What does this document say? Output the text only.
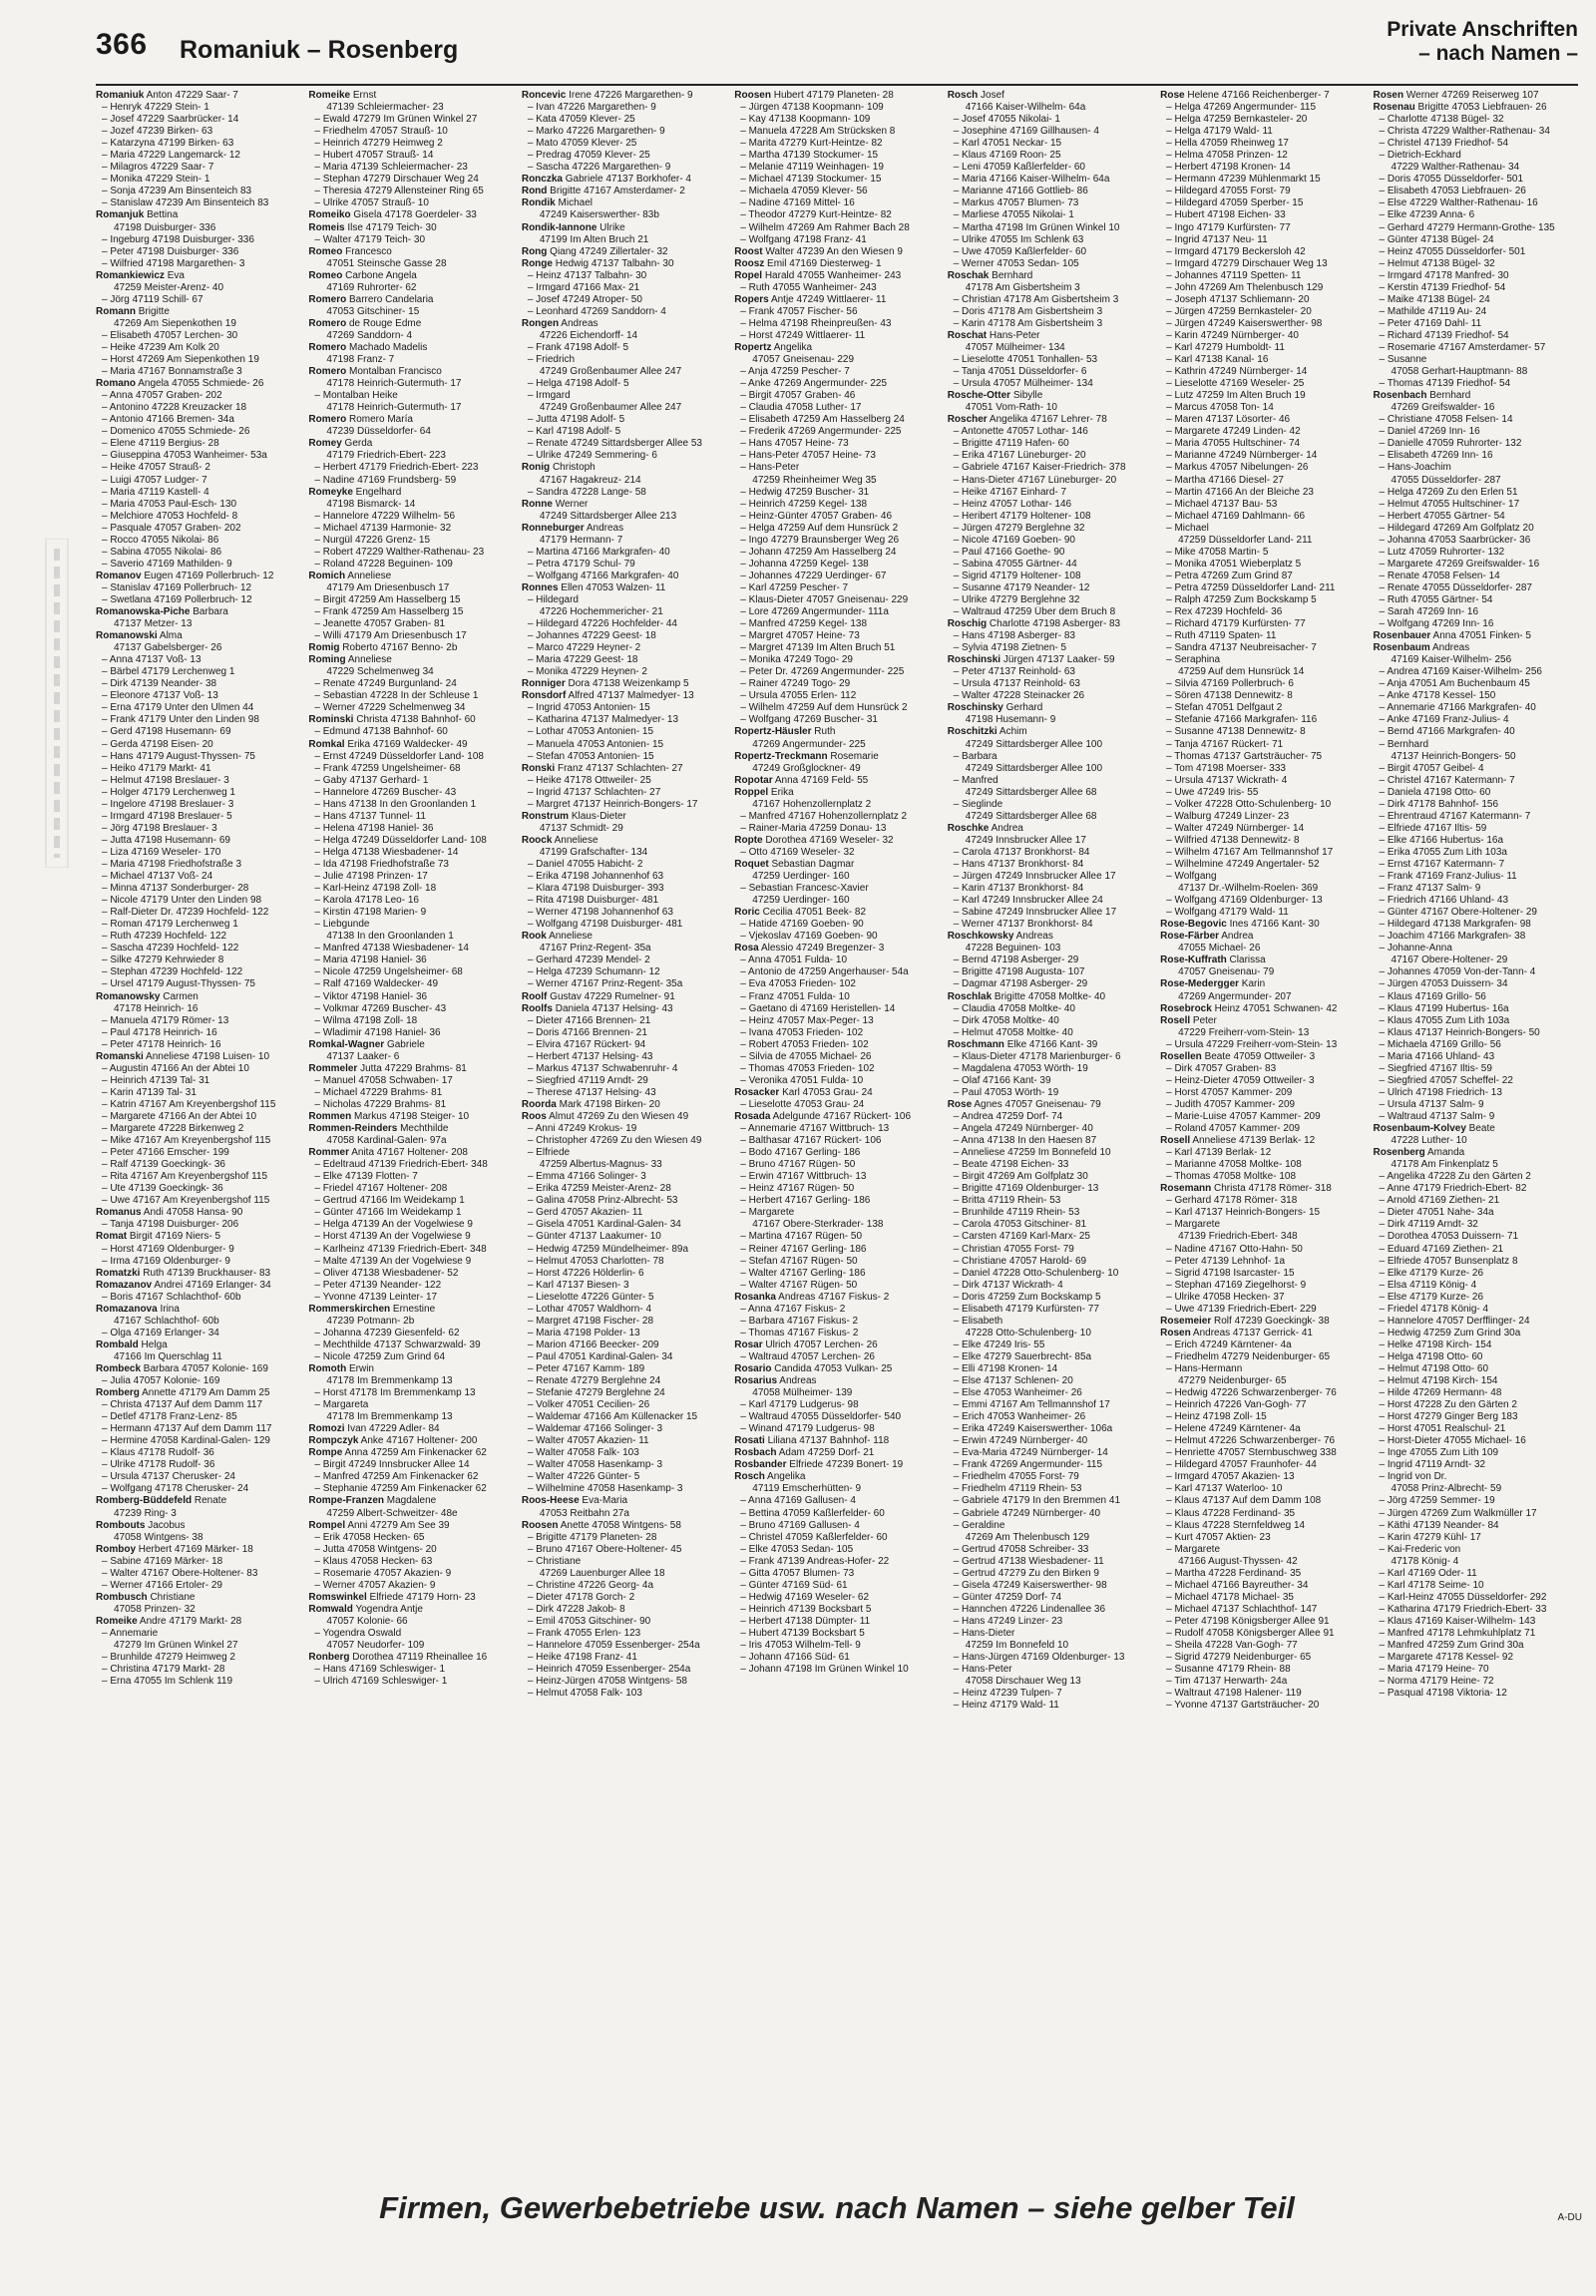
366 Romaniuk – Rosenberg
Private Anschriften
– nach Namen –
Romaniuk Anton 47229 Saar- 7
– Henryk 47229 Stein- 1
– Josef 47229 Saarbrücker- 14
– Jozef 47239 Birken- 63
– Katarzyna 47199 Birken- 63
– Maria 47229 Langemarck- 12
– Milagros 47229 Saar- 7
– Monika 47229 Stein- 1
– Sonja 47239 Am Binsenteich 83
– Stanislaw 47239 Am Binsenteich 83
Romanjuk Bettina
47198 Duisburger- 336
– Ingeburg 47198 Duisburger- 336
– Peter 47198 Duisburger- 336
– Wilfried 47198 Margarethen- 3
Romankiewicz Eva
47259 Meister-Arenz- 40
– Jörg 47119 Schill- 67
Romann Brigitte
47269 Am Siepenkothen 19
– Elisabeth 47057 Lerchen- 30
– Heike 47239 Am Kolk 20
– Horst 47269 Am Siepenkothen 19
– Maria 47167 Bonnamstraße 3
Romano Angela 47055 Schmiede- 26
– Anna 47057 Graben- 202
– Antonino 47228 Kreuzacker 18
– Antonio 47166 Bremen- 34a
– Domenico 47055 Schmiede- 26
– Elene 47119 Bergius- 28
– Giuseppina 47053 Wanheimer- 53a
– Heike 47057 Strauß- 2
– Luigi 47057 Ludger- 7
– Maria 47119 Kastell- 4
– Maria 47053 Paul-Esch- 130
– Melchiore 47053 Hochfeld- 8
– Pasquale 47057 Graben- 202
– Rocco 47055 Nikolai- 86
– Sabina 47055 Nikolai- 86
– Saverio 47169 Mathilden- 9
Romanov Eugen 47169 Pollerbruch- 12
– Stanislav 47169 Pollerbruch- 12
– Swetlana 47169 Pollerbruch- 12
Romanowska-Piche Barbara
47137 Metzer- 13
Romanowski Alma
47137 Gabelsberger- 26
– Anna 47137 Voß- 13
– Bärbel 47179 Lerchenweg 1
– Dirk 47139 Neander- 38
– Eleonore 47137 Voß- 13
– Erna 47179 Unter den Ulmen 44
– Frank 47179 Unter den Linden 98
– Gerd 47198 Husemann- 69
– Gerda 47198 Eisen- 20
– Hans 47179 August-Thyssen- 75
– Heiko 47179 Markt- 41
– Helmut 47198 Breslauer- 3
– Holger 47179 Lerchenweg 1
– Ingelore 47198 Breslauer- 3
– Irmgard 47198 Breslauer- 5
– Jörg 47198 Breslauer- 3
– Jutta 47198 Husemann- 69
– Liza 47169 Weseler- 170
– Maria 47198 Friedhofstraße 3
– Michael 47137 Voß- 24
– Minna 47137 Sonderburger- 28
– Nicole 47179 Unter den Linden 98
– Ralf-Dieter Dr. 47239 Hochfeld- 122
– Roman 47179 Lerchenweg 1
– Ruth 47239 Hochfeld- 122
– Sascha 47239 Hochfeld- 122
– Silke 47279 Kehrwieder 8
– Stephan 47239 Hochfeld- 122
– Ursel 47179 August-Thyssen- 75
Romanowsky Carmen
47178 Heinrich- 16
– Manuela 47179 Römer- 13
– Paul 47178 Heinrich- 16
– Peter 47178 Heinrich- 16
Romanski Anneliese 47198 Luisen- 10
– Augustin 47166 An der Abtei 10
– Heinrich 47139 Tal- 31
– Karin 47139 Tal- 31
– Katrin 47167 Am Kreyenbergshof 115
– Margarete 47166 An der Abtei 10
– Margarete 47228 Birkenweg 2
– Mike 47167 Am Kreyenbergshof 115
– Peter 47166 Emscher- 199
– Ralf 47139 Goeckingk- 36
– Rita 47167 Am Kreyenbergshof 115
– Ute 47139 Goeckingk- 36
– Uwe 47167 Am Kreyenbergshof 115
Romanus Andi 47058 Hansa- 90
– Tanja 47198 Duisburger- 206
Romat Birgit 47169 Niers- 5
– Horst 47169 Oldenburger- 9
– Irma 47169 Oldenburger- 9
Romatzki Ruth 47139 Bruckhauser- 83
Romazanov Andrei 47169 Erlanger- 34
– Boris 47167 Schlachthof- 60b
Romazanova Irina
47167 Schlachthof- 60b
– Olga 47169 Erlanger- 34
Rombald Helga
47166 Im Querschlag 11
Rombeck Barbara 47057 Kolonie- 169
– Julia 47057 Kolonie- 169
Romberg Annette 47179 Am Damm 25
– Christa 47137 Auf dem Damm 117
– Detlef 47178 Franz-Lenz- 85
– Hermann 47137 Auf dem Damm 117
– Hermine 47058 Kardinal-Galen- 129
– Klaus 47178 Rudolf- 36
– Ulrike 47178 Rudolf- 36
– Ursula 47137 Cherusker- 24
– Wolfgang 47178 Cherusker- 24
Romberg-Büddefeld Renate
47239 Ring- 3
Rombouts Jacobus
47058 Wintgens- 38
Romboy Herbert 47169 Märker- 18
– Sabine 47169 Märker- 18
– Walter 47167 Obere-Holtener- 83
– Werner 47166 Ertoler- 29
Rombusch Christiane
47058 Prinzen- 32
Romeike Andre 47179 Markt- 28
– Annemarie
47279 Im Grünen Winkel 27
– Brunhilde 47279 Heimweg 2
– Christina 47179 Markt- 28
– Erna 47055 Im Schlenk 119
Romeike Ernst
47139 Schleiermacher- 23
– Ewald 47279 Im Grünen Winkel 27
– Friedhelm 47057 Strauß- 10
– Heinrich 47279 Heimweg 2
– Hubert 47057 Strauß- 14
– Maria 47139 Schleiermacher- 23
– Stephan 47279 Dirschauer Weg 24
– Theresia 47279 Allensteiner Ring 65
– Ulrike 47057 Strauß- 10
Romeiko Gisela 47178 Goerdeler- 33
Romeis Ilse 47179 Teich- 30
– Walter 47179 Teich- 30
Romeo Francesco
47051 Steinsche Gasse 28
Romeo Carbone Angela
47169 Ruhrorter- 62
Romero Barrero Candelaria
47053 Gitschiner- 15
Romero de Rouge Edme
47269 Sanddorn- 4
Romero Machado Madelis
47198 Franz- 7
Romero Montalban Francisco
47178 Heinrich-Gutermuth- 17
– Montalban Heike
47178 Heinrich-Gutermuth- 17
Romero Romero María
47239 Düsseldorfer- 64
Romey Gerda
47179 Friedrich-Ebert- 223
– Herbert 47179 Friedrich-Ebert- 223
– Nadine 47169 Frundsberg- 59
Romeyke Engelhard
47198 Bismarck- 14
– Hannelore 47229 Wilhelm- 56
– Michael 47139 Harmonie- 32
– Nurgül 47226 Grenz- 15
– Robert 47229 Walther-Rathenau- 23
– Roland 47228 Beguinen- 109
Romich Anneliese
47179 Am Driesenbusch 17
– Birgit 47259 Am Hasselberg 15
– Frank 47259 Am Hasselberg 15
– Jeanette 47057 Graben- 81
– Willi 47179 Am Driesenbusch 17
Romig Roberto 47167 Benno- 2b
Roming Anneliese
47229 Schelmenweg 34
– Renate 47249 Burgunland- 24
– Sebastian 47228 In der Schleuse 1
– Werner 47229 Schelmenweg 34
Rominski Christa 47138 Bahnhof- 60
– Edmund 47138 Bahnhof- 60
Romkal Erika 47169 Waldecker- 49
– Ernst 47249 Düsseldorfer Land- 108
– Frank 47259 Ungelsheimer- 68
– Gaby 47137 Gerhard- 1
– Hannelore 47269 Buscher- 43
– Hans 47138 In den Groonlanden 1
– Hans 47137 Tunnel- 11
– Helena 47198 Haniel- 36
– Helga 47249 Düsseldorfer Land- 108
– Helga 47138 Wiesbadener- 14
– Ida 47198 Friedhofstraße 73
– Julie 47198 Prinzen- 17
– Karl-Heinz 47198 Zoll- 18
– Karola 47178 Leo- 16
– Kirstin 47198 Marien- 9
– Liebgunde
47138 In den Groonlanden 1
– Manfred 47138 Wiesbadener- 14
– Maria 47198 Haniel- 36
– Nicole 47259 Ungelsheimer- 68
– Ralf 47169 Waldecker- 49
– Viktor 47198 Haniel- 36
– Volkmar 47269 Buscher- 43
– Wilma 47198 Zoll- 18
– Wladimir 47198 Haniel- 36
Romkal-Wagner Gabriele
47137 Laaker- 6
Rommeler Jutta 47229 Brahms- 81
– Manuel 47058 Schwaben- 17
– Michael 47229 Brahms- 81
– Nicholas 47229 Brahms- 81
Rommen Markus 47198 Steiger- 10
Rommen-Reinders Mechthilde
47058 Kardinal-Galen- 97a
Rommer Anita 47167 Holtener- 208
– Edeltraud 47139 Friedrich-Ebert- 348
– Elke 47139 Flotten- 7
– Friedel 47167 Holtener- 208
– Gertrud 47166 Im Weidekamp 1
– Günter 47166 Im Weidekamp 1
– Helga 47139 An der Vogelwiese 9
– Horst 47139 An der Vogelwiese 9
– Karlheinz 47139 Friedrich-Ebert- 348
– Malte 47139 An der Vogelwiese 9
– Oliver 47138 Wiesbadener- 52
– Peter 47139 Neander- 122
– Yvonne 47139 Leinter- 17
Rommerskirchen Ernestine
47239 Potmann- 2b
– Johanna 47239 Giesenfeld- 62
– Mechthilde 47137 Schwarzwald- 39
– Nicole 47259 Zum Grind 64
Romoth Erwin
47178 Im Bremmenkamp 13
– Horst 47178 Im Bremmenkamp 13
– Margareta
47178 Im Bremmenkamp 13
Romozi Ivan 47229 Adler- 84
Rompczyk Anke 47167 Holtener- 200
Rompe Anna 47259 Am Finkenacker 62
– Birgit 47249 Innsbrucker Allee 14
– Manfred 47259 Am Finkenacker 62
– Stephanie 47259 Am Finkenacker 62
Rompe-Franzen Magdalene
47259 Albert-Schweitzer- 48e
Rompel Anni 47279 Am See 39
– Erik 47058 Hecken- 65
– Jutta 47058 Wintgens- 20
– Klaus 47058 Hecken- 63
– Rosemarie 47057 Akazien- 9
– Werner 47057 Akazien- 9
Romswinkel Elfriede 47179 Horn- 23
Romwald Yogendra Antje
47057 Kolonie- 66
– Yogendra Oswald
47057 Neudorfer- 109
Ronberg Dorothea 47119 Rheinallee 16
– Hans 47169 Schleswiger- 1
– Ulrich 47169 Schleswiger- 1
Roncevic Irene 47226 Margarethen- 9
– Ivan 47226 Margarethen- 9
– Kata 47059 Klever- 25
– Marko 47226 Margarethen- 9
– Mato 47059 Klever- 25
– Predrag 47059 Klever- 25
– Sascha 47226 Margarethen- 9
Ronczka Gabriele 47137 Borkhofer- 4
Rond Brigitte 47167 Amsterdamer- 2
Rondik Michael
47249 Kaiserswerther- 83b
Rondik-Iannone Ulrike
47199 Im Alten Bruch 21
Rong Qiang 47249 Zillertaler- 32
Ronge Hedwig 47137 Talbahn- 30
– Heinz 47137 Talbahn- 30
– Irmgard 47166 Max- 21
– Josef 47249 Atroper- 50
– Leonhard 47269 Sanddorn- 4
Rongen Andreas
47226 Eichendorff- 14
– Frank 47198 Adolf- 5
– Friedrich
47249 Großenbaumer Allee 247
– Helga 47198 Adolf- 5
– Irmgard
47249 Großenbaumer Allee 247
– Jutta 47198 Adolf- 5
– Karl 47198 Adolf- 5
– Renate 47249 Sittardsberger Allee 53
– Ulrike 47249 Semmering- 6
Ronig Christoph
47167 Hagakreuz- 214
– Sandra 47228 Lange- 58
Ronne Werner
47249 Sittardsberger Allee 213
Ronneburger Andreas
47179 Hermann- 7
– Martina 47166 Markgrafen- 40
– Petra 47179 Schul- 79
– Wolfgang 47166 Markgrafen- 40
Ronnes Ellen 47053 Walzen- 11
– Hildegard
47226 Hochemmericher- 21
– Hildegard 47226 Hochfelder- 44
– Johannes 47229 Geest- 18
– Marco 47229 Heyner- 2
– Maria 47229 Geest- 18
– Monika 47229 Heynen- 2
Ronniger Dora 47138 Weizenkamp 5
Ronsdorf Alfred 47137 Malmedyer- 13
– Ingrid 47053 Antonien- 15
– Katharina 47137 Malmedyer- 13
– Lothar 47053 Antonien- 15
– Manuela 47053 Antonien- 15
– Stefan 47053 Antonien- 15
Ronski Franz 47137 Schlachten- 27
– Heike 47178 Ottweiler- 25
– Ingrid 47137 Schlachten- 27
– Margret 47137 Heinrich-Bongers- 17
Ronstrum Klaus-Dieter
47137 Schmidt- 29
Roock Anneliese
47199 Grafschafter- 134
– Daniel 47055 Habicht- 2
– Erika 47198 Johannenhof 63
– Klara 47198 Duisburger- 393
– Rita 47198 Duisburger- 481
– Werner 47198 Johannenhof 63
– Wolfgang 47198 Duisburger- 481
Rook Anneliese
47167 Prinz-Regent- 35a
– Gerhard 47239 Mendel- 2
– Helga 47239 Schumann- 12
– Werner 47167 Prinz-Regent- 35a
Roolf Gustav 47229 Rumelner- 91
Roolfs Daniela 47137 Helsing- 43
– Dieter 47166 Brennen- 21
– Doris 47166 Brennen- 21
– Elvira 47167 Rückert- 94
– Herbert 47137 Helsing- 43
– Markus 47137 Schwabenruhr- 4
– Siegfried 47119 Arndt- 29
– Therese 47137 Helsing- 43
Roorda Mark 47198 Birken- 20
Roos Almut 47269 Zu den Wiesen 49
– Anni 47249 Krokus- 19
– Christopher 47269 Zu den Wiesen 49
– Elfriede
47259 Albertus-Magnus- 33
– Emma 47166 Solinger- 3
– Erika 47259 Meister-Arenz- 28
– Galina 47058 Prinz-Albrecht- 53
– Gerd 47057 Akazien- 11
– Gisela 47051 Kardinal-Galen- 34
– Günter 47137 Laakumer- 10
– Hedwig 47259 Mündelheimer- 89a
– Helmut 47053 Charlotten- 78
– Horst 47226 Hölderlin- 6
– Karl 47137 Biesen- 3
– Lieselotte 47226 Günter- 5
– Lothar 47057 Waldhorn- 4
– Margret 47198 Fischer- 28
– Maria 47198 Polder- 13
– Marion 47166 Beecker- 209
– Paul 47051 Kardinal-Galen- 34
– Peter 47167 Kamm- 189
– Renate 47279 Berglehne 24
– Stefanie 47279 Berglehne 24
– Volker 47051 Cecilien- 26
– Waldemar 47166 Am Küllenacker 15
– Waldemar 47166 Solinger- 3
– Walter 47057 Akazien- 11
– Walter 47058 Falk- 103
– Walter 47058 Hasenkamp- 3
– Walter 47226 Günter- 5
– Wilhelmine 47058 Hasenkamp- 3
Roos-Heese Eva-Maria
47053 Reitbahn 27a
Roosen Anette 47058 Wintgens- 58
– Brigitte 47179 Planeten- 28
– Bruno 47167 Obere-Holtener- 45
– Christiane
47269 Lauenburger Allee 18
– Christine 47226 Georg- 4a
– Dieter 47178 Gorch- 2
– Dirk 47228 Jakob- 8
– Emil 47053 Gitschiner- 90
– Frank 47055 Erlen- 123
– Hannelore 47059 Essenberger- 254a
– Heike 47198 Franz- 41
– Heinrich 47059 Essenberger- 254a
– Heinz-Jürgen 47058 Wintgens- 58
– Helmut 47058 Falk- 103
Roosen Hubert 47179 Planeten- 28
– Jürgen 47138 Koopmann- 109
– Kay 47138 Koopmann- 109
– Manuela 47228 Am Strücksken 8
– Marita 47279 Kurt-Heintze- 82
– Martha 47139 Stockumer- 15
– Melanie 47119 Weinhagen- 19
– Michael 47139 Stockumer- 15
– Michaela 47059 Klever- 56
– Nadine 47169 Mittel- 16
– Theodor 47279 Kurt-Heintze- 82
– Wilhelm 47269 Am Rahmer Bach 28
– Wolfgang 47198 Franz- 41
Roost Walter 47239 An den Wiesen 9
Roosz Emil 47169 Diesterweg- 1
Ropel Harald 47055 Wanheimer- 243
– Ruth 47055 Wanheimer- 243
Ropers Antje 47249 Wittlaerer- 11
– Frank 47057 Fischer- 56
– Helma 47198 Rheinpreußen- 43
– Horst 47249 Wittlaerer- 11
Ropertz Angelika
47057 Gneisenau- 229
– Anja 47259 Pescher- 7
– Anke 47269 Angermunder- 225
– Birgit 47057 Graben- 46
– Claudia 47058 Luther- 17
– Elisabeth 47259 Am Hasselberg 24
– Frederik 47269 Angermunder- 225
– Hans 47057 Heine- 73
– Hans-Peter 47057 Heine- 73
– Hans-Peter
47259 Rheinheimer Weg 35
– Hedwig 47259 Buscher- 31
– Heinrich 47259 Kegel- 138
– Heinz-Günter 47057 Graben- 46
– Helga 47259 Auf dem Hunsrück 2
– Ingo 47279 Braunsberger Weg 26
– Johann 47259 Am Hasselberg 24
– Johanna 47259 Kegel- 138
– Johannes 47229 Uerdinger- 67
– Karl 47259 Pescher- 7
– Klaus-Dieter 47057 Gneisenau- 229
– Lore 47269 Angermunder- 111a
– Manfred 47259 Kegel- 138
– Margret 47057 Heine- 73
– Margret 47139 Im Alten Bruch 51
– Monika 47249 Togo- 29
– Peter Dr. 47269 Angermunder- 225
– Rainer 47249 Togo- 29
– Ursula 47055 Erlen- 112
– Wilhelm 47259 Auf dem Hunsrück 2
– Wolfgang 47269 Buscher- 31
Ropertz-Häusler Ruth
47269 Angermunder- 225
Ropertz-Treckmann Rosemarie
47249 Großglockner- 49
Ropotar Anna 47169 Feld- 55
Roppel Erika
47167 Hohenzollernplatz 2
– Manfred 47167 Hohenzollernplatz 2
– Rainer-Maria 47259 Donau- 13
Ropte Dorothea 47169 Weseler- 32
– Otto 47169 Weseler- 32
Roquet Sebastian Dagmar
47259 Uerdinger- 160
– Sebastian Francesc-Xavier
47259 Uerdinger- 160
Roric Cecilia 47051 Beek- 82
– Hatide 47169 Goeben- 90
– Vjekoslav 47169 Goeben- 90
Rosa Alessio 47249 Bregenzer- 3
– Anna 47051 Fulda- 10
– Antonio de 47259 Angerhauser- 54a
– Eva 47053 Frieden- 102
– Franz 47051 Fulda- 10
– Gaetano di 47169 Heristellen- 14
– Heinz 47057 Max-Peger- 13
– Ivana 47053 Frieden- 102
– Robert 47053 Frieden- 102
– Silvia de 47055 Michael- 26
– Thomas 47053 Frieden- 102
– Veronika 47051 Fulda- 10
Rosacker Karl 47053 Grau- 24
– Lieselotte 47053 Grau- 24
Rosada Adelgunde 47167 Rückert- 106
– Annemarie 47167 Wittbruch- 13
– Balthasar 47167 Rückert- 106
– Bodo 47167 Gerling- 186
– Bruno 47167 Rügen- 50
– Erwin 47167 Wittbruch- 13
– Heinz 47167 Rügen- 50
– Herbert 47167 Gerling- 186
– Margarete
47167 Obere-Sterkrader- 138
– Martina 47167 Rügen- 50
– Reiner 47167 Gerling- 186
– Stefan 47167 Rügen- 50
– Walter 47167 Gerling- 186
– Walter 47167 Rügen- 50
Rosanka Andreas 47167 Fiskus- 2
– Anna 47167 Fiskus- 2
– Barbara 47167 Fiskus- 2
– Thomas 47167 Fiskus- 2
Rosar Ulrich 47057 Lerchen- 26
– Waltraud 47057 Lerchen- 26
Rosario Candida 47053 Vulkan- 25
Rosarius Andreas
47058 Mülheimer- 139
– Karl 47179 Ludgerus- 98
– Waltraud 47055 Düsseldorfer- 540
– Winand 47179 Ludgerus- 98
Rosati Liliana 47137 Bahnhof- 118
Rosbach Adam 47259 Dorf- 21
Rosbander Elfriede 47239 Bonert- 19
Rosch Angelika
47119 Emscherhütten- 9
– Anna 47169 Gallusen- 4
– Bettina 47059 Kaßlerfelder- 60
– Bruno 47169 Gallusen- 4
– Christel 47059 Kaßlerfelder- 60
– Elke 47053 Sedan- 105
– Frank 47139 Andreas-Hofer- 22
– Gitta 47057 Blumen- 73
– Günter 47169 Süd- 61
– Hedwig 47169 Weseler- 62
– Heinrich 47139 Bocksbart 5
– Herbert 47138 Dümpter- 11
– Hubert 47139 Bocksbart 5
– Iris 47053 Wilhelm-Tell- 9
– Johann 47166 Süd- 61
– Johann 47198 Im Grünen Winkel 10
Rosch Josef
47166 Kaiser-Wilhelm- 64a
– Josef 47055 Nikolai- 1
– Josephine 47169 Gillhausen- 4
– Karl 47051 Neckar- 15
– Klaus 47169 Roon- 25
– Leni 47059 Kaßlerfelder- 60
– Maria 47166 Kaiser-Wilhelm- 64a
– Marianne 47166 Gottlieb- 86
– Markus 47057 Blumen- 73
– Marliese 47055 Nikolai- 1
– Martha 47198 Im Grünen Winkel 10
– Ulrike 47055 Im Schlenk 63
– Uwe 47059 Kaßlerfelder- 60
– Werner 47053 Sedan- 105
Roschak Bernhard
47178 Am Gisbertsheim 3
– Christian 47178 Am Gisbertsheim 3
– Doris 47178 Am Gisbertsheim 3
– Karin 47178 Am Gisbertsheim 3
Roschat Hans-Peter
47057 Mülheimer- 134
– Lieselotte 47051 Tonhallen- 53
– Tanja 47051 Düsseldorfer- 6
– Ursula 47057 Mülheimer- 134
Rosche-Otter Sibylle
47051 Vom-Rath- 10
Roscher Angelika 47167 Lehrer- 78
– Antonette 47057 Lothar- 146
– Brigitte 47119 Hafen- 60
– Erika 47167 Lüneburger- 20
– Gabriele 47167 Kaiser-Friedrich- 378
– Hans-Dieter 47167 Lüneburger- 20
– Heike 47167 Einhard- 7
– Heinz 47057 Lothar- 146
– Heribert 47179 Holtener- 108
– Jürgen 47279 Berglehne 32
– Nicole 47169 Goeben- 90
– Paul 47166 Goethe- 90
– Sabina 47055 Gärtner- 44
– Sigrid 47179 Holtener- 108
– Susanne 47179 Neander- 12
– Ulrike 47279 Berglehne 32
– Waltraud 47259 Über dem Bruch 8
Roschig Charlotte 47198 Asberger- 83
– Hans 47198 Asberger- 83
– Sylvia 47198 Zietnen- 5
Roschinski Jürgen 47137 Laaker- 59
– Peter 47137 Reinhold- 63
– Ursula 47137 Reinhold- 63
– Walter 47228 Steinacker 26
Roschinsky Gerhard
47198 Husemann- 9
Roschitzki Achim
47249 Sittardsberger Allee 100
– Barbara
47249 Sittardsberger Allee 100
– Manfred
47249 Sittardsberger Allee 68
– Sieglinde
47249 Sittardsberger Allee 68
Roschke Andrea
47249 Innsbrucker Allee 17
– Carola 47137 Bronkhorst- 84
– Hans 47137 Bronkhorst- 84
– Jürgen 47249 Innsbrucker Allee 17
– Karin 47137 Bronkhorst- 84
– Karl 47249 Innsbrucker Allee 24
– Sabine 47249 Innsbrucker Allee 17
– Werner 47137 Bronkhorst- 84
Roschkowsky Andreas
47228 Beguinen- 103
– Bernd 47198 Asberger- 29
– Brigitte 47198 Augusta- 107
– Dagmar 47198 Asberger- 29
Roschlak Brigitte 47058 Moltke- 40
– Claudia 47058 Moltke- 40
– Dirk 47058 Moltke- 40
– Helmut 47058 Moltke- 40
Roschmann Elke 47166 Kant- 39
– Klaus-Dieter 47178 Marienburger- 6
– Magdalena 47053 Wörth- 19
– Olaf 47166 Kant- 39
– Paul 47053 Wörth- 19
Rose Agnes 47057 Gneisenau- 79
– Andrea 47259 Dorf- 74
– Angela 47249 Nürnberger- 40
– Anna 47138 In den Haesen 87
– Anneliese 47259 Im Bonnefeld 10
– Beate 47198 Eichen- 33
– Birgit 47269 Am Golfplatz 30
– Brigitte 47169 Oldenburger- 13
– Britta 47119 Rhein- 53
– Brunhilde 47119 Rhein- 53
– Carola 47053 Gitschiner- 81
– Carsten 47169 Karl-Marx- 25
– Christian 47055 Forst- 79
– Christiane 47057 Harold- 69
– Daniel 47228 Otto-Schulenberg- 10
– Dirk 47137 Wickrath- 4
– Doris 47259 Zum Bockskamp 5
– Elisabeth 47179 Kurfürsten- 77
– Elisabeth
47228 Otto-Schulenberg- 10
– Elke 47249 Iris- 55
– Elke 47279 Sauerbrecht- 85a
– Elli 47198 Kronen- 14
– Else 47137 Schlenen- 20
– Else 47053 Wanheimer- 26
– Emmi 47167 Am Tellmannshof 17
– Erich 47053 Wanheimer- 26
– Erika 47249 Kaiserswerther- 106a
– Erwin 47249 Nürnberger- 40
– Eva-Maria 47249 Nürnberger- 14
– Frank 47269 Angermunder- 115
– Friedhelm 47055 Forst- 79
– Friedhelm 47119 Rhein- 53
– Gabriele 47179 In den Bremmen 41
– Gabriele 47249 Nürnberger- 40
– Geraldine
47269 Am Thelenbusch 129
– Gertrud 47058 Schreiber- 33
– Gertrud 47138 Wiesbadener- 11
– Gertrud 47279 Zu den Birken 9
– Gisela 47249 Kaiserswerther- 98
– Günter 47259 Dorf- 74
– Hannchen 47226 Lindenallee 36
– Hans 47249 Linzer- 23
– Hans-Dieter
47259 Im Bonnefeld 10
– Hans-Jürgen 47169 Oldenburger- 13
– Hans-Peter
47058 Dirschauer Weg 13
– Heinz 47239 Tulpen- 7
– Heinz 47179 Wald- 11
Rose Helene 47166 Reichenberger- 7
– Helga 47269 Angermunder- 115
– Helga 47259 Bernkasteler- 20
– Helga 47179 Wald- 11
– Hella 47059 Rheinweg 17
– Helma 47058 Prinzen- 12
– Herbert 47198 Kronen- 14
– Hermann 47239 Mühlenmarkt 15
– Hildegard 47055 Forst- 79
– Hildegard 47059 Sperber- 15
– Hubert 47198 Eichen- 33
– Ingo 47179 Kurfürsten- 77
– Ingrid 47137 Neu- 11
– Irmgard 47179 Beckersloh 42
– Irmgard 47279 Dirschauer Weg 13
– Johannes 47119 Spetten- 11
– John 47269 Am Thelenbusch 129
– Joseph 47137 Schliemann- 20
– Jürgen 47259 Bernkasteler- 20
– Jürgen 47249 Kaiserswerther- 98
– Karin 47249 Nürnberger- 40
– Karl 47279 Humboldt- 11
– Karl 47138 Kanal- 16
– Kathrin 47249 Nürnberger- 14
– Lieselotte 47169 Weseler- 25
– Lutz 47259 Im Alten Bruch 19
– Marcus 47058 Ton- 14
– Maren 47137 Lösorter- 46
– Margarete 47249 Linden- 42
– Maria 47055 Hultschiner- 74
– Marianne 47249 Nürnberger- 14
– Markus 47057 Nibelungen- 26
– Martha 47166 Diesel- 27
– Martin 47166 An der Bleiche 23
– Michael 47137 Bau- 53
– Michael 47169 Dahlmann- 66
– Michael
47259 Düsseldorfer Land- 211
– Mike 47058 Martin- 5
– Monika 47051 Wieberplatz 5
– Petra 47269 Zum Grind 87
– Petra 47259 Düsseldorfer Land- 211
– Ralph 47259 Zum Bockskamp 5
– Rex 47239 Hochfeld- 36
– Richard 47179 Kurfürsten- 77
– Ruth 47119 Spaten- 11
– Sandra 47137 Neubreisacher- 7
– Seraphina
47259 Auf dem Hunsrück 14
– Silvia 47169 Pollerbruch- 6
– Sören 47138 Dennewitz- 8
– Stefan 47051 Delfgaut 2
– Stefanie 47166 Markgrafen- 116
– Susanne 47138 Dennewitz- 8
– Tanja 47167 Rückert- 71
– Thomas 47137 Gartsträucher- 75
– Tom 47198 Moerser- 333
– Ursula 47137 Wickrath- 4
– Uwe 47249 Iris- 55
– Volker 47228 Otto-Schulenberg- 10
– Walburg 47249 Linzer- 23
– Walter 47249 Nürnberger- 14
– Wilfried 47138 Dennewitz- 8
– Wilhelm 47167 Am Tellmannshof 17
– Wilhelmine 47249 Angertaler- 52
– Wolfgang
47137 Dr.-Wilhelm-Roelen- 369
– Wolfgang 47169 Oldenburger- 13
– Wolfgang 47179 Wald- 11
Rose-Begovic Ines 47166 Kant- 30
Rose-Färber Andrea
47055 Michael- 26
Rose-Kuffrath Clarissa
47057 Gneisenau- 79
Rose-Medergger Karin
47269 Angermunder- 207
Rosebrock Heinz 47051 Schwanen- 42
Rosell Peter
47229 Freiherr-vom-Stein- 13
– Ursula 47229 Freiherr-vom-Stein- 13
Rosellen Beate 47059 Ottweiler- 3
– Dirk 47057 Graben- 83
– Heinz-Dieter 47059 Ottweiler- 3
– Horst 47057 Kammer- 209
– Judith 47057 Kammer- 209
– Marie-Luise 47057 Kammer- 209
– Roland 47057 Kammer- 209
Rosell Anneliese 47139 Berlak- 12
– Karl 47139 Berlak- 12
– Marianne 47058 Moltke- 108
– Thomas 47058 Moltke- 108
Rosemann Christa 47178 Römer- 318
– Gerhard 47178 Römer- 318
– Karl 47137 Heinrich-Bongers- 15
– Margarete
47139 Friedrich-Ebert- 348
– Nadine 47167 Otto-Hahn- 50
– Peter 47139 Lehnhof- 1a
– Sigrid 47198 Isarcaster- 15
– Stephan 47169 Ziegelhorst- 9
– Ulrike 47058 Hecken- 37
– Uwe 47139 Friedrich-Ebert- 229
Rosemeier Rolf 47239 Goeckingk- 38
Rosen Andreas 47137 Gerrick- 41
– Erich 47249 Kärntener- 4a
– Friedhelm 47279 Neidenburger- 65
– Hans-Hermann
47279 Neidenburger- 65
– Hedwig 47226 Schwarzenberger- 76
– Heinrich 47226 Van-Gogh- 77
– Heinz 47198 Zoll- 15
– Helene 47249 Kärntener- 4a
– Helmut 47226 Schwarzenberger- 76
– Henriette 47057 Sternbuschweg 338
– Hildegard 47057 Fraunhofer- 44
– Irmgard 47057 Akazien- 13
– Karl 47137 Waterloo- 10
– Klaus 47137 Auf dem Damm 108
– Klaus 47228 Ferdinand- 35
– Klaus 47228 Sternfeldweg 14
– Kurt 47057 Aktien- 23
– Margarete
47166 August-Thyssen- 42
– Martha 47228 Ferdinand- 35
– Michael 47166 Bayreuther- 34
– Michael 47178 Michael- 35
– Michael 47137 Schlachthof- 147
– Peter 47198 Königsberger Allee 91
– Rudolf 47058 Königsberger Allee 91
– Sheila 47228 Van-Gogh- 77
– Sigrid 47279 Neidenburger- 65
– Susanne 47179 Rhein- 88
– Tim 47137 Herwarth- 24a
– Waltraut 47198 Halener- 119
– Yvonne 47137 Gartsträucher- 20
Rosen Werner 47269 Reiserweg 107
Rosenau Brigitte 47053 Liebfrauen- 26
– Charlotte 47138 Bügel- 32
– Christa 47229 Walther-Rathenau- 34
– Christel 47139 Friedhof- 54
– Dietrich-Eckhard
47229 Walther-Rathenau- 34
– Doris 47055 Düsseldorfer- 501
– Elisabeth 47053 Liebfrauen- 26
– Else 47229 Walther-Rathenau- 16
– Elke 47239 Anna- 6
– Gerhard 47279 Hermann-Grothe- 135
– Günter 47138 Bügel- 24
– Heinz 47055 Düsseldorfer- 501
– Helmut 47138 Bügel- 32
– Irmgard 47178 Manfred- 30
– Kerstin 47139 Friedhof- 54
– Maike 47138 Bügel- 24
– Mathilde 47119 Au- 24
– Peter 47169 Dahl- 11
– Richard 47139 Friedhof- 54
– Rosemarie 47167 Amsterdamer- 57
– Susanne
47058 Gerhart-Hauptmann- 88
– Thomas 47139 Friedhof- 54
Rosenbach Bernhard
47269 Greifswalder- 16
– Christiane 47058 Felsen- 14
– Daniel 47269 Inn- 16
– Danielle 47059 Ruhrorter- 132
– Elisabeth 47269 Inn- 16
– Hans-Joachim
47055 Düsseldorfer- 287
– Helga 47269 Zu den Erlen 51
– Helmut 47055 Hultschiner- 17
– Herbert 47055 Gärtner- 54
– Hildegard 47269 Am Golfplatz 20
– Johanna 47053 Saarbrücker- 36
– Lutz 47059 Ruhrorter- 132
– Margarete 47269 Greifswalder- 16
– Renate 47058 Felsen- 14
– Renate 47055 Düsseldorfer- 287
– Ruth 47055 Gärtner- 54
– Sarah 47269 Inn- 16
– Wolfgang 47269 Inn- 16
Rosenbauer Anna 47051 Finken- 5
Rosenbaum Andreas
47169 Kaiser-Wilhelm- 256
– Andrea 47169 Kaiser-Wilhelm- 256
– Anja 47051 Am Buchenbaum 45
– Anke 47178 Kessel- 150
– Annemarie 47166 Markgrafen- 40
– Anke 47169 Franz-Julius- 4
– Bernd 47166 Markgrafen- 40
– Bernhard
47137 Heinrich-Bongers- 50
– Birgit 47057 Geibel- 4
– Christel 47167 Katermann- 7
– Daniela 47198 Otto- 60
– Dirk 47178 Bahnhof- 156
– Ehrentraud 47167 Katermann- 7
– Elfriede 47167 Iltis- 59
– Elke 47166 Hubertus- 16a
– Erika 47055 Zum Lith 103a
– Ernst 47167 Katermann- 7
– Frank 47169 Franz-Julius- 11
– Franz 47137 Salm- 9
– Friedrich 47166 Uhland- 43
– Günter 47167 Obere-Holtener- 29
– Hildegard 47138 Markgrafen- 98
– Joachim 47166 Markgrafen- 38
– Johanne-Anna
47167 Obere-Holtener- 29
– Johannes 47059 Von-der-Tann- 4
– Jürgen 47053 Duissern- 34
– Klaus 47169 Grillo- 56
– Klaus 47199 Hubertus- 16a
– Klaus 47055 Zum Lith 103a
– Klaus 47137 Heinrich-Bongers- 50
– Michaela 47169 Grillo- 56
– Maria 47166 Uhland- 43
– Siegfried 47167 Iltis- 59
– Siegfried 47057 Scheffel- 22
– Ulrich 47198 Friedrich- 13
– Ursula 47137 Salm- 9
– Waltraud 47137 Salm- 9
Rosenbaum-Kolvey Beate
47228 Luther- 10
Rosenberg Amanda
47178 Am Finkenplatz 5
– Angelika 47228 Zu den Gärten 2
– Anne 47179 Friedrich-Ebert- 82
– Arnold 47169 Ziethen- 21
– Dieter 47051 Nahe- 34a
– Dirk 47119 Arndt- 32
– Dorothea 47053 Duissern- 71
– Eduard 47169 Ziethen- 21
– Elfriede 47057 Bunsenplatz 8
– Elke 47179 Kurze- 26
– Elsa 47119 König- 4
– Else 47179 Kurze- 26
– Friedel 47178 König- 4
– Hannelore 47057 Derfflinger- 24
– Hedwig 47259 Zum Grind 30a
– Helke 47198 Kirch- 154
– Helga 47198 Otto- 60
– Helmut 47198 Otto- 60
– Helmut 47198 Kirch- 154
– Hilde 47269 Hermann- 48
– Horst 47228 Zu den Gärten 2
– Horst 47279 Ginger Berg 183
– Horst 47051 Realschul- 21
– Horst-Dieter 47055 Michael- 16
– Inge 47055 Zum Lith 109
– Ingrid 47119 Arndt- 32
– Ingrid von Dr.
47058 Prinz-Albrecht- 59
– Jörg 47259 Semmer- 19
– Jürgen 47269 Zum Walkmüller 17
– Käthi 47139 Neander- 84
– Karin 47279 Kühl- 17
– Kai-Frederic von
47178 König- 4
– Karl 47169 Oder- 11
– Karl 47178 Seime- 10
– Karl-Heinz 47055 Düsseldorfer- 292
– Katharina 47179 Friedrich-Ebert- 33
– Klaus 47169 Kaiser-Wilhelm- 143
– Manfred 47178 Lehmkuhlplatz 71
– Manfred 47259 Zum Grind 30a
– Margarete 47178 Kessel- 92
– Maria 47179 Heine- 70
– Norma 47179 Heine- 72
– Pasqual 47198 Viktoria- 12
Firmen, Gewerbebetriebe usw. nach Namen – siehe gelber Teil	A-DU
